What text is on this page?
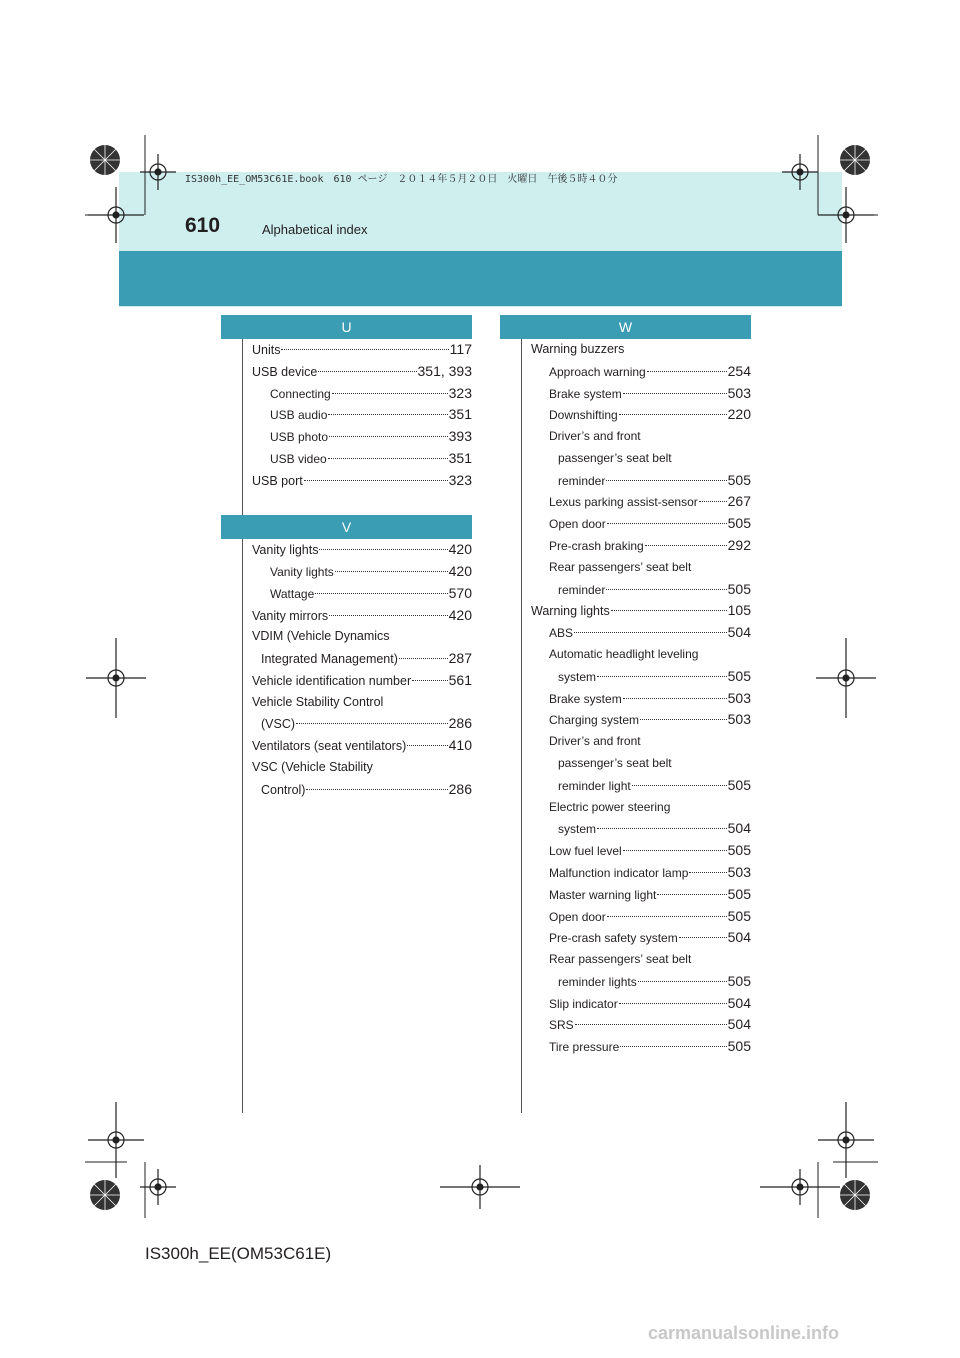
IS300h_EE_OM53C61E.book　610 ページ　２０１４年５月２０日　火曜日　午後５時４０分
610	Alphabetical index
U
V
W
Units	117
USB device	351, 393
Connecting	323
USB audio	351
USB photo	393
USB video	351
USB port	323
Vanity lights	420
Vanity lights	420
Wattage	570
Vanity mirrors	420
VDIM (Vehicle Dynamics
Integrated Management)	287
Vehicle identification number	561
Vehicle Stability Control
(VSC)	286
Ventilators (seat ventilators)	410
VSC (Vehicle Stability
Control)	286
Warning buzzers
Approach warning	254
Brake system	503
Downshifting	220
Driver’s and front
passenger’s seat belt
reminder	505
Lexus parking assist-sensor 267
Open door	505
Pre-crash braking	292
Rear passengers’ seat belt
reminder	505
Warning lights	105
ABS	504
Automatic headlight leveling
system	505
Brake system	503
Charging system	503
Driver’s and front
passenger’s seat belt
reminder light	505
Electric power steering
system	504
Low fuel level	505
Malfunction indicator lamp	503
Master warning light	505
Open door	505
Pre-crash safety system	504
Rear passengers’ seat belt
reminder lights	505
Slip indicator	504
SRS	504
Tire pressure	505
IS300h_EE(OM53C61E)
carmanualsonline.info
